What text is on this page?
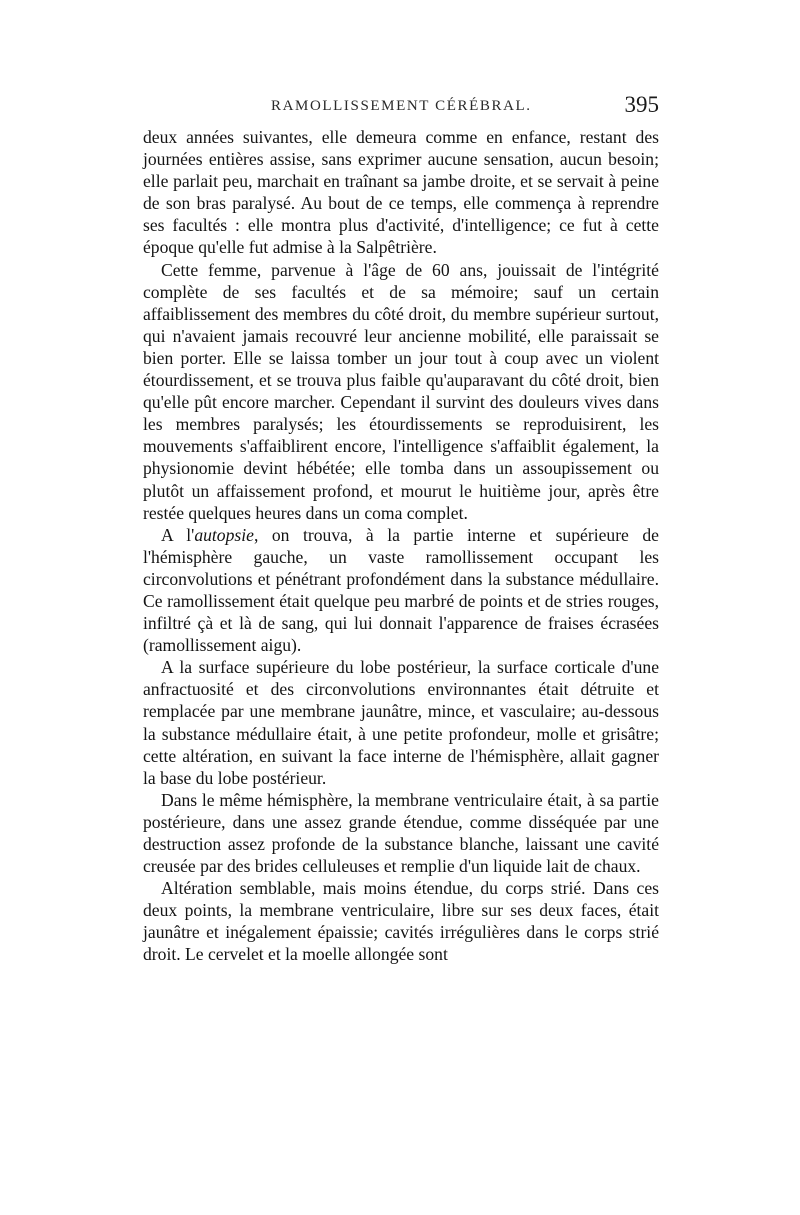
RAMOLLISSEMENT CÉRÉBRAL.	395

deux années suivantes, elle demeura comme en enfance, restant des journées entières assise, sans exprimer aucune sensation, aucun besoin; elle parlait peu, marchait en traînant sa jambe droite, et se servait à peine de son bras paralysé. Au bout de ce temps, elle commença à reprendre ses facultés : elle montra plus d'activité, d'intelligence; ce fut à cette époque qu'elle fut admise à la Salpêtrière.

Cette femme, parvenue à l'âge de 60 ans, jouissait de l'intégrité complète de ses facultés et de sa mémoire; sauf un certain affaiblissement des membres du côté droit, du membre supérieur surtout, qui n'avaient jamais recouvré leur ancienne mobilité, elle paraissait se bien porter. Elle se laissa tomber un jour tout à coup avec un violent étourdissement, et se trouva plus faible qu'auparavant du côté droit, bien qu'elle pût encore marcher. Cependant il survint des douleurs vives dans les membres paralysés; les étourdissements se reproduisirent, les mouvements s'affaiblirent encore, l'intelligence s'affaiblit également, la physionomie devint hébétée; elle tomba dans un assoupissement ou plutôt un affaissement profond, et mourut le huitième jour, après être restée quelques heures dans un coma complet.

A l'autopsie, on trouva, à la partie interne et supérieure de l'hémisphère gauche, un vaste ramollissement occupant les circonvolutions et pénétrant profondément dans la substance médullaire. Ce ramollissement était quelque peu marbré de points et de stries rouges, infiltré çà et là de sang, qui lui donnait l'apparence de fraises écrasées (ramollissement aigu).

A la surface supérieure du lobe postérieur, la surface corticale d'une anfractuosité et des circonvolutions environnantes était détruite et remplacée par une membrane jaunâtre, mince, et vasculaire; au-dessous la substance médullaire était, à une petite profondeur, molle et grisâtre; cette altération, en suivant la face interne de l'hémisphère, allait gagner la base du lobe postérieur.

Dans le même hémisphère, la membrane ventriculaire était, à sa partie postérieure, dans une assez grande étendue, comme disséquée par une destruction assez profonde de la substance blanche, laissant une cavité creusée par des brides celluleuses et remplie d'un liquide lait de chaux.

Altération semblable, mais moins étendue, du corps strié. Dans ces deux points, la membrane ventriculaire, libre sur ses deux faces, était jaunâtre et inégalement épaissie; cavités irrégulières dans le corps strié droit. Le cervelet et la moelle allongée sont
